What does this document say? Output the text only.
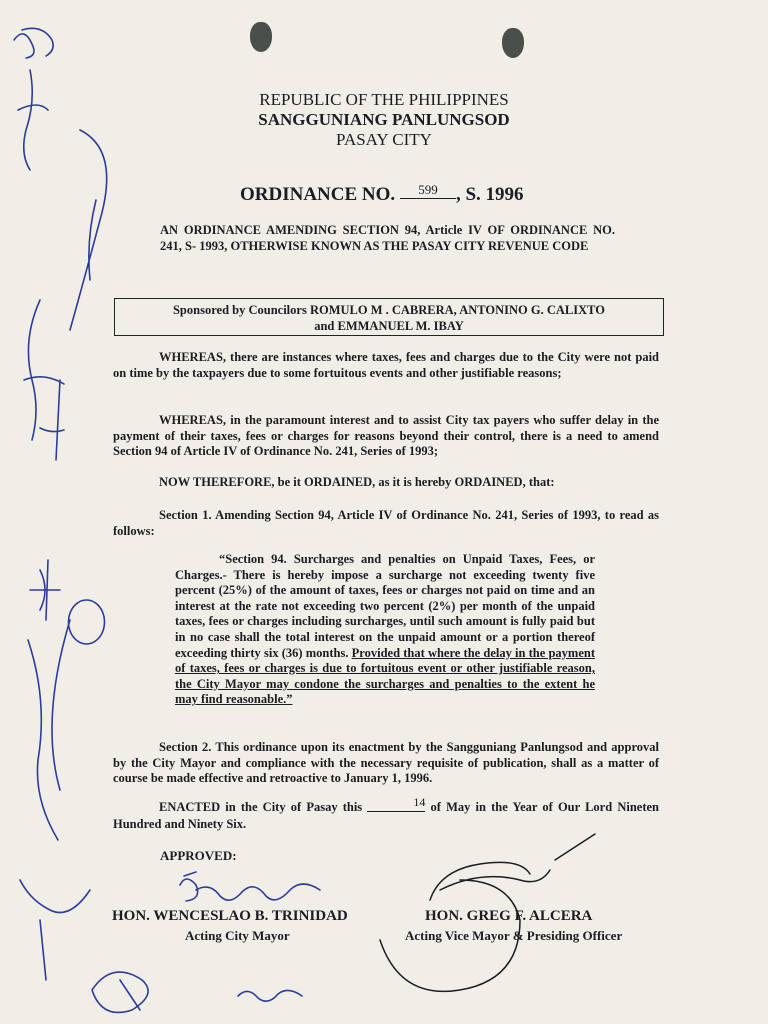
REPUBLIC OF THE PHILIPPINES
SANGGUNIANG PANLUNGSOD
PASAY CITY
ORDINANCE NO. 599 , S. 1996
AN ORDINANCE AMENDING SECTION 94, Article IV OF ORDINANCE NO. 241, S- 1993, OTHERWISE KNOWN AS THE PASAY CITY REVENUE CODE
Sponsored by Councilors ROMULO M . CABRERA, ANTONINO G. CALIXTO
and EMMANUEL M. IBAY
WHEREAS, there are instances where taxes, fees and charges due to the City were not paid on time by the taxpayers due to some fortuitous events and other justifiable reasons;
WHEREAS, in the paramount interest and to assist City tax payers who suffer delay in the payment of their taxes, fees or charges for reasons beyond their control, there is a need to amend Section 94 of Article IV of Ordinance No. 241, Series of 1993;
NOW THEREFORE, be it ORDAINED, as it is hereby ORDAINED, that:
Section 1. Amending Section 94, Article IV of Ordinance No. 241, Series of 1993, to read as follows:
“Section 94. Surcharges and penalties on Unpaid Taxes, Fees, or Charges.- There is hereby impose a surcharge not exceeding twenty five percent (25%) of the amount of taxes, fees or charges not paid on time and an interest at the rate not exceeding two percent (2%) per month of the unpaid taxes, fees or charges including surcharges, until such amount is fully paid but in no case shall the total interest on the unpaid amount or a portion thereof exceeding thirty six (36) months. Provided that where the delay in the payment of taxes, fees or charges is due to fortuitous event or other justifiable reason, the City Mayor may condone the surcharges and penalties to the extent he may find reasonable.”
Section 2. This ordinance upon its enactment by the Sangguniang Panlungsod and approval by the City Mayor and compliance with the necessary requisite of publication, shall as a matter of course be made effective and retroactive to January 1, 1996.
ENACTED in the City of Pasay this	14 of May in the Year of Our Lord Nineten Hundred and Ninety Six.
APPROVED:
HON. WENCESLAO B. TRINIDAD
Acting City Mayor
HON. GREG F. ALCERA
Acting Vice Mayor & Presiding Officer
